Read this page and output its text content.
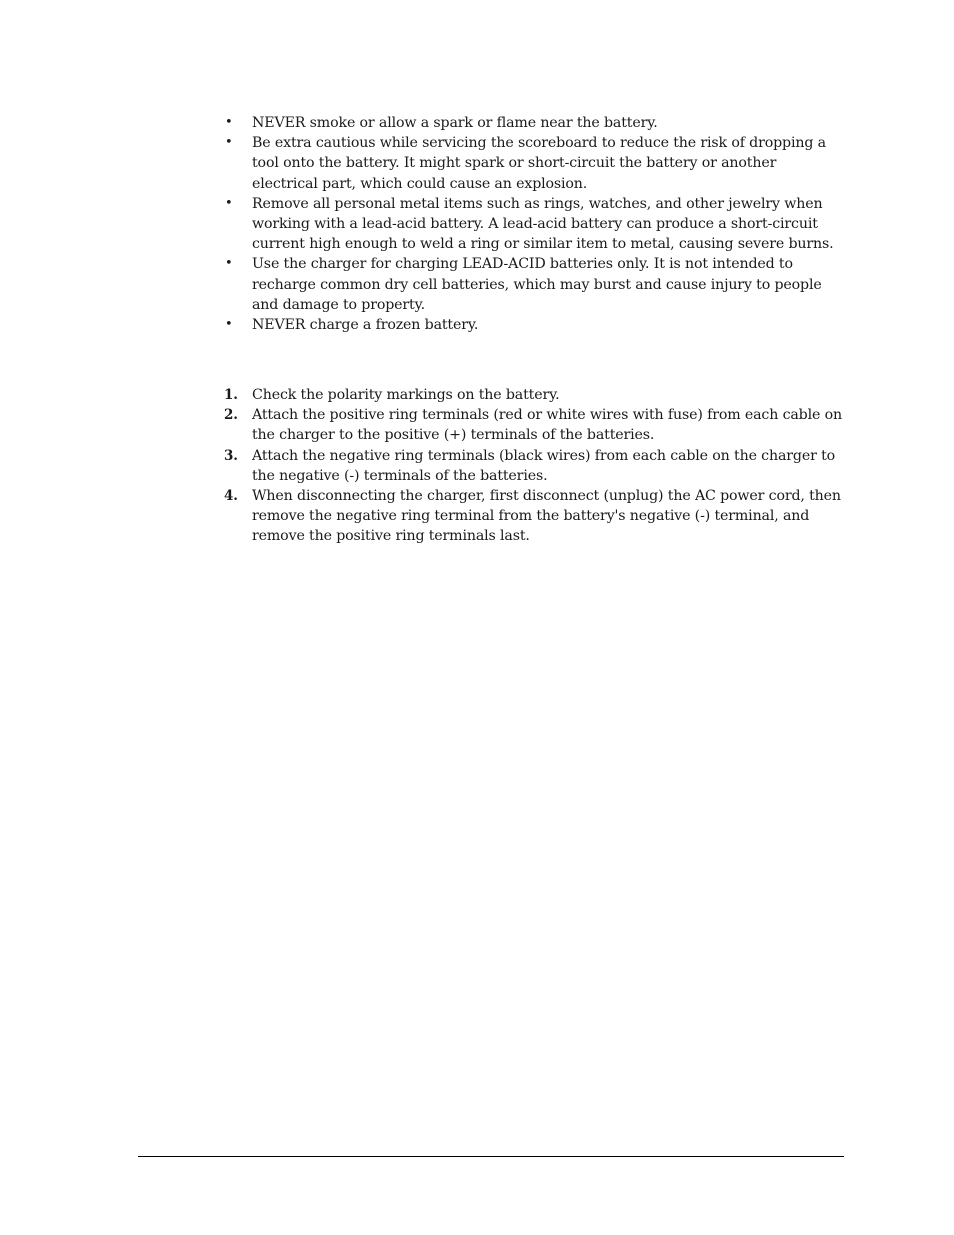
•	NEVER smoke or allow a spark or flame near the battery.
•	Be extra cautious while servicing the scoreboard to reduce the risk of dropping a tool onto the battery. It might spark or short-circuit the battery or another electrical part, which could cause an explosion.
•	Remove all personal metal items such as rings, watches, and other jewelry when working with a lead-acid battery. A lead-acid battery can produce a short-circuit current high enough to weld a ring or similar item to metal, causing severe burns.
•	Use the charger for charging LEAD-ACID batteries only. It is not intended to recharge common dry cell batteries, which may burst and cause injury to people and damage to property.
•	NEVER charge a frozen battery.
1.	Check the polarity markings on the battery.
2.	Attach the positive ring terminals (red or white wires with fuse) from each cable on the charger to the positive (+) terminals of the batteries.
3.	Attach the negative ring terminals (black wires) from each cable on the charger to the negative (-) terminals of the batteries.
4.	When disconnecting the charger, first disconnect (unplug) the AC power cord, then remove the negative ring terminal from the battery's negative (-) terminal, and remove the positive ring terminals last.
